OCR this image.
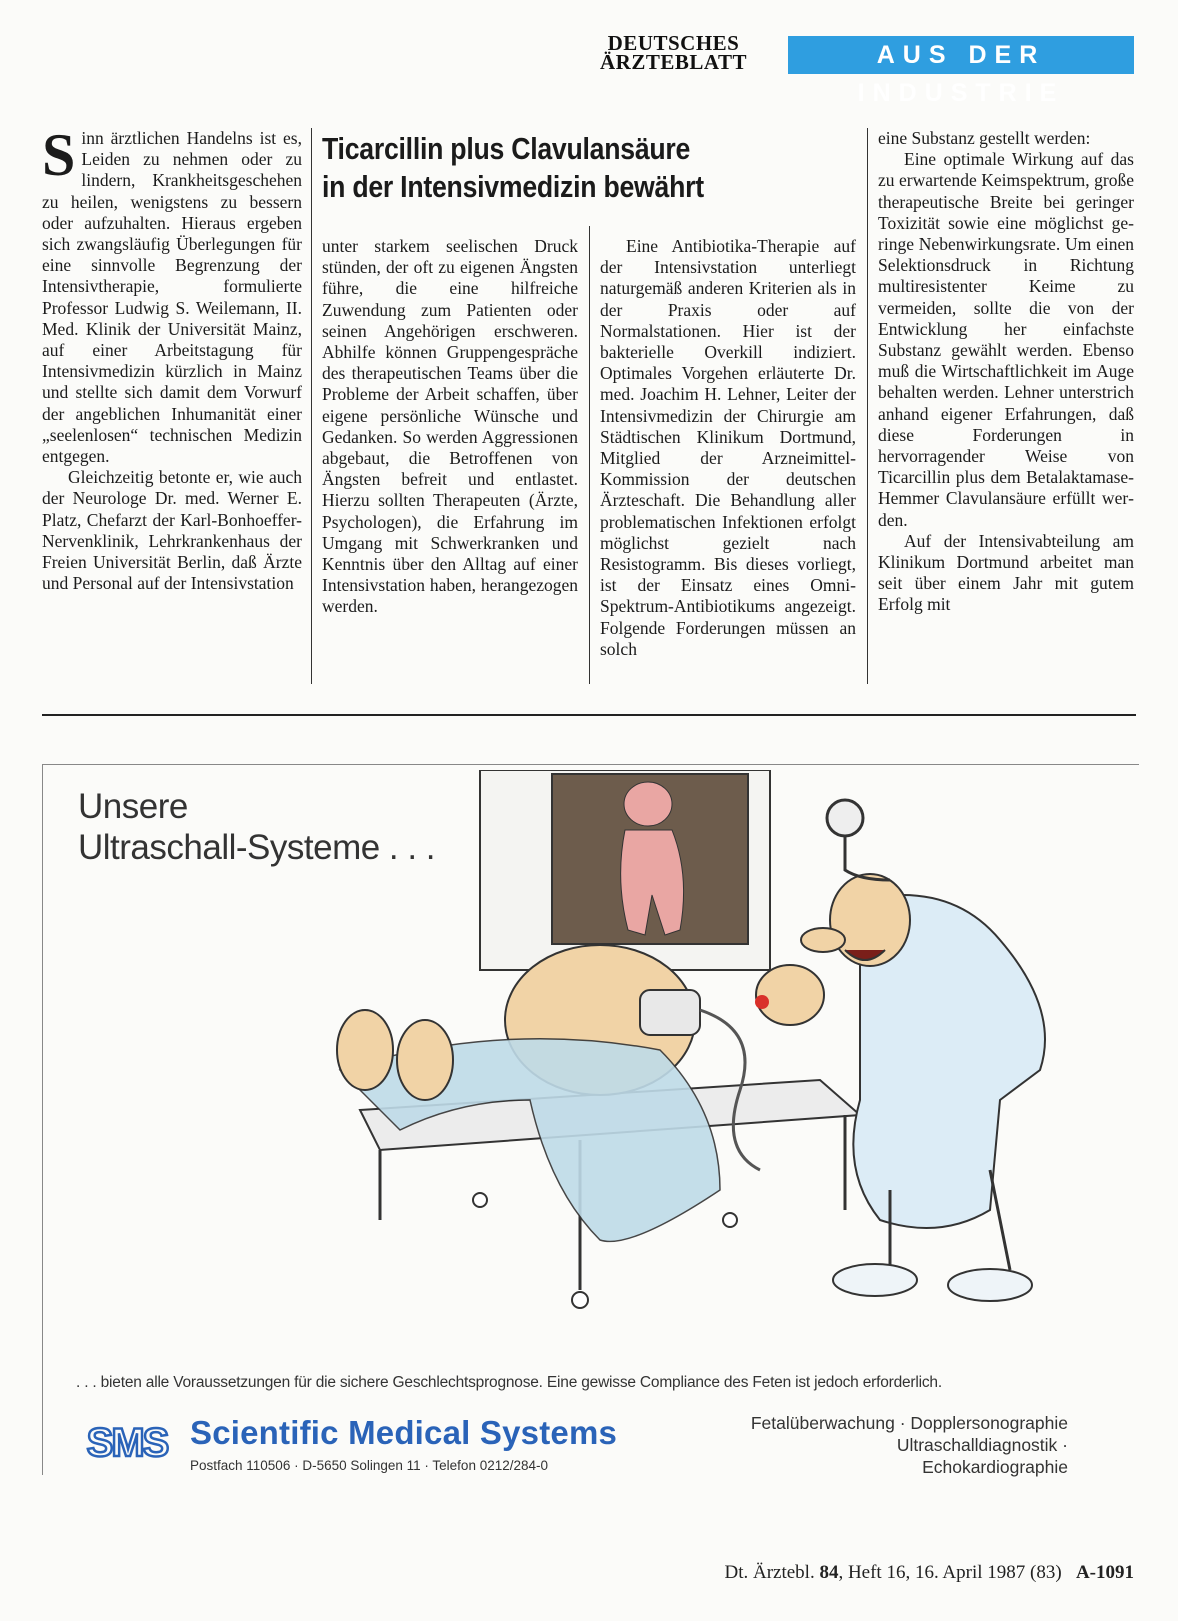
DEUTSCHES
ÄRZTEBLATT	AUS DER INDUSTRIE
Ticarcillin plus Clavulansäure
in der Intensivmedizin bewährt
S inn ärztlichen Handelns ist es, Leiden zu nehmen oder zu lindern, Krankheitsgeschehen zu heilen, wenigstens zu bessern oder aufzuhalten. Hieraus ergeben sich zwangsläufig Überlegungen für eine sinnvolle Begrenzung der Intensivtherapie, formulierte Professor Ludwig S. Weilemann, II. Med. Klinik der Universität Mainz, auf einer Arbeitstagung für Intensivmedizin kürzlich in Mainz und stellte sich damit dem Vorwurf der angeblichen Inhumanität einer „seelenlosen“ technischen Medizin entgegen.

Gleichzeitig betonte er, wie auch der Neurologe Dr. med. Werner E. Platz, Chefarzt der Karl-Bonhoeffer-Nervenklinik, Lehrkrankenhaus der Freien Universität Berlin, daß Ärzte und Personal auf der Intensivstation

unter starkem seelischen Druck stünden, der oft zu eigenen Ängsten führe, die eine hilfreiche Zuwendung zum Patienten oder seinen Angehörigen erschweren. Abhilfe können Gruppengespräche des therapeutischen Teams über die Probleme der Arbeit schaffen, über eigene persönliche Wünsche und Gedanken. So werden Aggressionen abgebaut, die Betroffenen von Ängsten befreit und entlastet. Hierzu sollten Therapeuten (Ärzte, Psychologen), die Erfahrung im Umgang mit Schwerkranken und Kenntnis über den Alltag auf einer Intensivstation haben, herangezogen werden.

Eine Antibiotika-Therapie auf der Intensivstation unterliegt naturgemäß anderen Kriterien als in der Praxis oder auf Normalstationen. Hier ist der bakterielle Overkill indiziert. Optimales Vorgehen erläuterte Dr. med. Joachim H. Lehner, Leiter der Intensivmedizin der Chirurgie am Städtischen Klinikum Dortmund, Mitglied der Arzneimittel-Kommission der deutschen Ärzteschaft. Die Behandlung aller problematischen Infektionen erfolgt möglichst gezielt nach Resistogramm. Bis dieses vorliegt, ist der Einsatz eines Omni-Spektrum-Antibiotikums angezeigt. Folgende Forderungen müssen an solch

eine Substanz gestellt werden:

Eine optimale Wirkung auf das zu erwartende Keimspektrum, große therapeutische Breite bei geringer Toxizität sowie eine möglichst geringe Nebenwirkungsrate. Um einen Selektionsdruck in Richtung multiresistenter Keime zu vermeiden, sollte die von der Entwicklung her einfachste Substanz gewählt werden. Ebenso muß die Wirtschaftlichkeit im Auge behalten werden. Lehner unterstrich anhand eigener Erfahrungen, daß diese Forderungen in hervorragender Weise von Ticarcillin plus dem Betalaktamase-Hemmer Clavulansäure erfüllt werden.

Auf der Intensivabteilung am Klinikum Dortmund arbeitet man seit über einem Jahr mit gutem Erfolg mit

Unsere
Ultraschall-Systeme . . .
. . . bieten alle Voraussetzungen für die sichere Geschlechtsprognose. Eine gewisse Compliance des Feten ist jedoch erforderlich.
SMS Scientific Medical Systems
Postfach 110506 · D-5650 Solingen 11 · Telefon 0212/284-0
Fetalüberwachung · Dopplersonographie
Ultraschalldiagnostik · Echokardiographie
Dt. Ärztebl. 84, Heft 16, 16. April 1987 (83) A-1091
